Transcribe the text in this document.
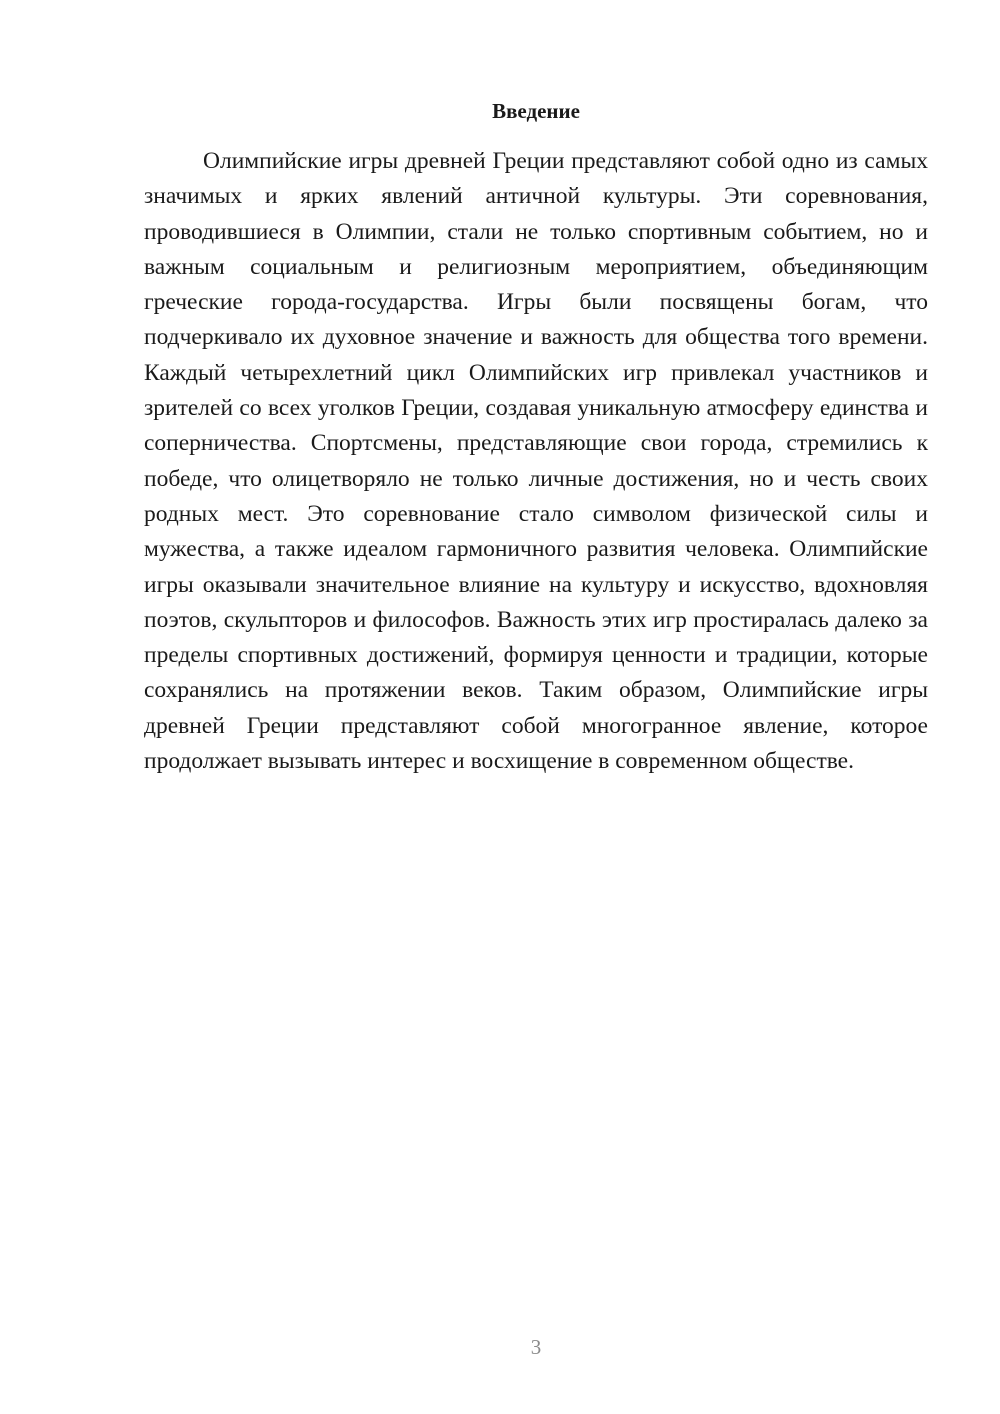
Введение

Олимпийские игры древней Греции представляют собой одно из самых значимых и ярких явлений античной культуры. Эти соревнования, проводившиеся в Олимпии, стали не только спортивным событием, но и важным социальным и религиозным мероприятием, объединяющим греческие города-государства. Игры были посвящены богам, что подчеркивало их духовное значение и важность для общества того времени. Каждый четырехлетний цикл Олимпийских игр привлекал участников и зрителей со всех уголков Греции, создавая уникальную атмосферу единства и соперничества. Спортсмены, представляющие свои города, стремились к победе, что олицетворяло не только личные достижения, но и честь своих родных мест. Это соревнование стало символом физической силы и мужества, а также идеалом гармоничного развития человека. Олимпийские игры оказывали значительное влияние на культуру и искусство, вдохновляя поэтов, скульпторов и философов. Важность этих игр простиралась далеко за пределы спортивных достижений, формируя ценности и традиции, которые сохранялись на протяжении веков. Таким образом, Олимпийские игры древней Греции представляют собой многогранное явление, которое продолжает вызывать интерес и восхищение в современном обществе.

3
